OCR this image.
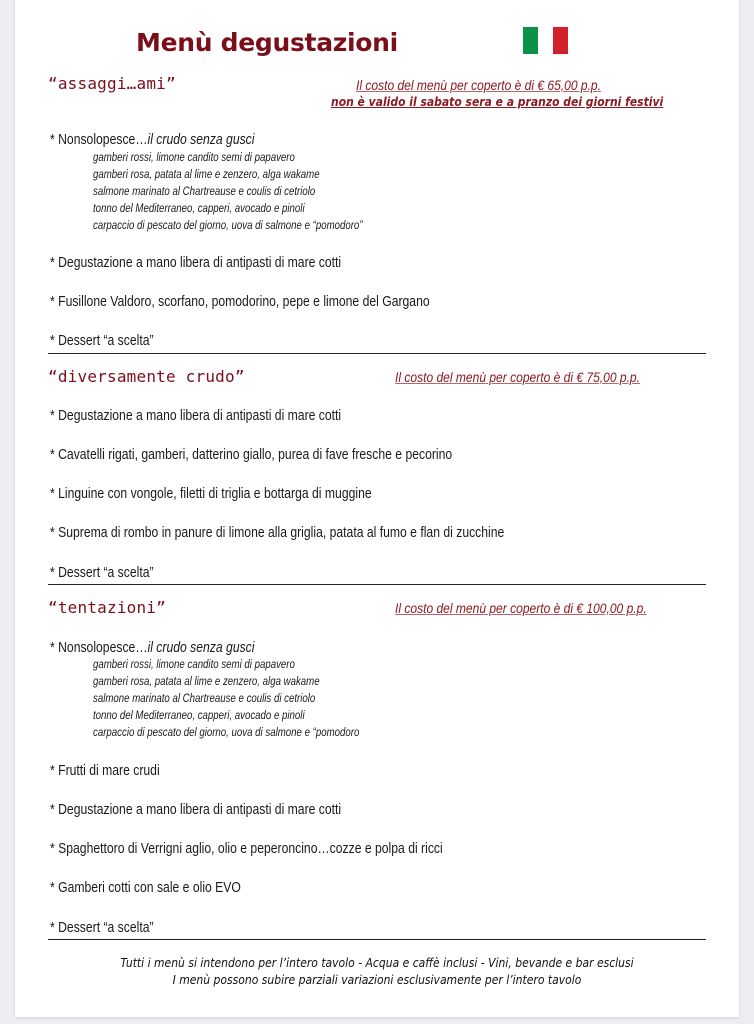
Menù degustazioni
“assaggi…ami”	Il costo del menù per coperto è di € 65,00 p.p.
non è valido il sabato sera e a pranzo dei giorni festivi
* Nonsolopesce…il crudo senza gusci
gamberi rossi, limone candito semi di papavero
gamberi rosa, patata al lime e zenzero, alga wakame
salmone marinato al Chartreause e coulis di cetriolo
tonno del Mediterraneo, capperi, avocado e pinoli
carpaccio di pescato del giorno, uova di salmone e “pomodoro”
* Degustazione a mano libera di antipasti di mare cotti
* Fusillone Valdoro, scorfano, pomodorino, pepe e limone del Gargano
* Dessert “a scelta”
“diversamente crudo”	Il costo del menù per coperto è di € 75,00 p.p.
* Degustazione a mano libera di antipasti di mare cotti
* Cavatelli rigati, gamberi, datterino giallo, purea di fave fresche e pecorino
* Linguine con vongole, filetti di triglia e bottarga di muggine
* Suprema di rombo in panure di limone alla griglia, patata al fumo e flan di zucchine
* Dessert “a scelta”
“tentazioni”	Il costo del menù per coperto è di € 100,00 p.p.
* Nonsolopesce…il crudo senza gusci
gamberi rossi, limone candito semi di papavero
gamberi rosa, patata al lime e zenzero, alga wakame
salmone marinato al Chartreause e coulis di cetriolo
tonno del Mediterraneo, capperi, avocado e pinoli
carpaccio di pescato del giorno, uova di salmone e “pomodoro
* Frutti di mare crudi
* Degustazione a mano libera di antipasti di mare cotti
* Spaghettoro di Verrigni aglio, olio e peperoncino…cozze e polpa di ricci
* Gamberi cotti con sale e olio EVO
* Dessert “a scelta”
Tutti i menù si intendono per l’intero tavolo - Acqua e caffè inclusi - Vini, bevande e bar esclusi
I menù possono subire parziali variazioni esclusivamente per l’intero tavolo
